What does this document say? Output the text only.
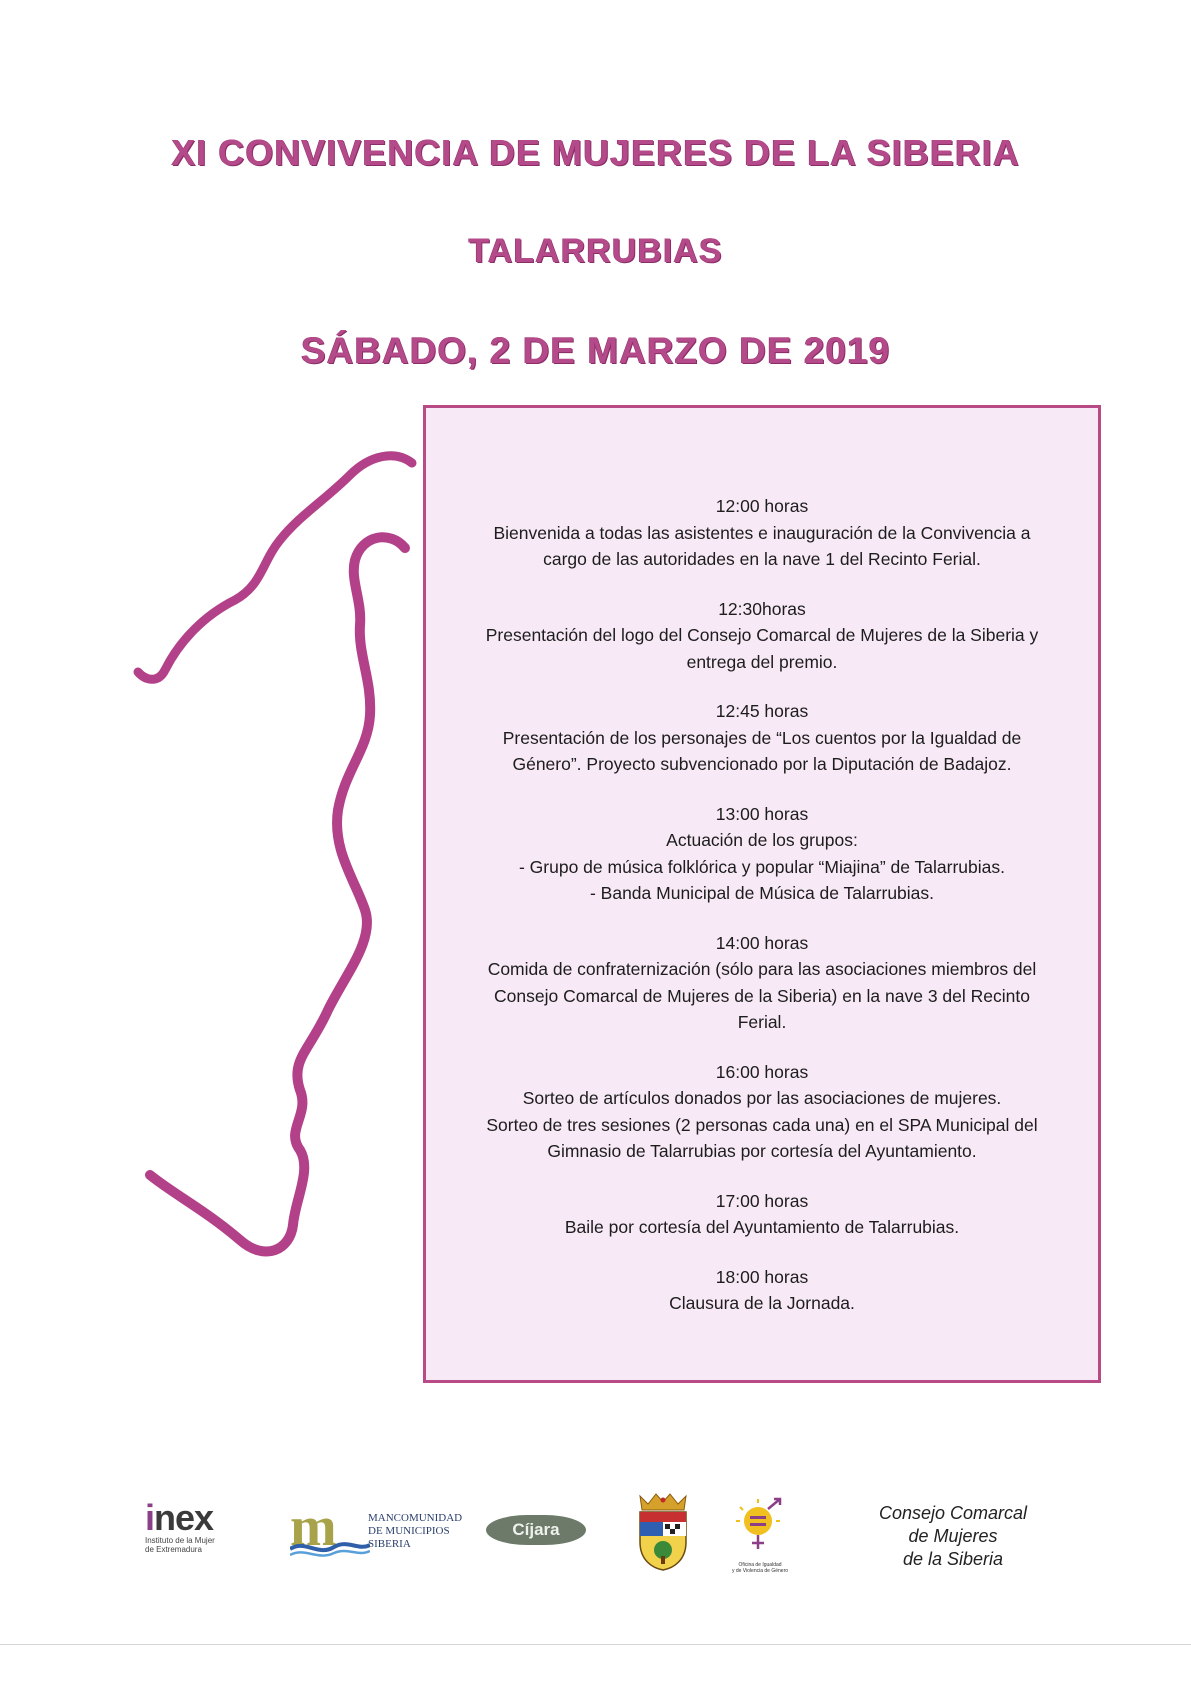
XI CONVIVENCIA DE MUJERES DE LA SIBERIA
TALARRUBIAS
SÁBADO, 2 DE MARZO DE 2019
12:00 horas
Bienvenida a todas las asistentes e inauguración de la Convivencia a
cargo de las autoridades en la nave 1 del Recinto Ferial.
12:30horas
Presentación del logo del Consejo Comarcal de Mujeres de la Siberia y
entrega del premio.
12:45 horas
Presentación de los personajes de “Los cuentos por la Igualdad de
Género”. Proyecto subvencionado por la Diputación de Badajoz.
13:00 horas
Actuación de los grupos:
- Grupo de música folklórica y popular “Miajina” de Talarrubias.
- Banda Municipal de Música de Talarrubias.
14:00 horas
Comida de confraternización (sólo para las asociaciones miembros del
Consejo Comarcal de Mujeres de la Siberia) en la nave 3 del Recinto
Ferial.
16:00 horas
Sorteo de artículos donados por las asociaciones de mujeres.
Sorteo de tres sesiones (2 personas cada una) en el SPA Municipal del
Gimnasio de Talarrubias por cortesía del Ayuntamiento.
17:00 horas
Baile por cortesía del Ayuntamiento de Talarrubias.
18:00 horas
Clausura de la Jornada.
inex
Instituto de la Mujer
de Extremadura m	MANCOMUNIDAD
DE MUNICIPIOS
SIBERIA
Cíjara
Oficina de Igualdad
y de Violencia de Género
Consejo Comarcal
de Mujeres
de la Siberia
